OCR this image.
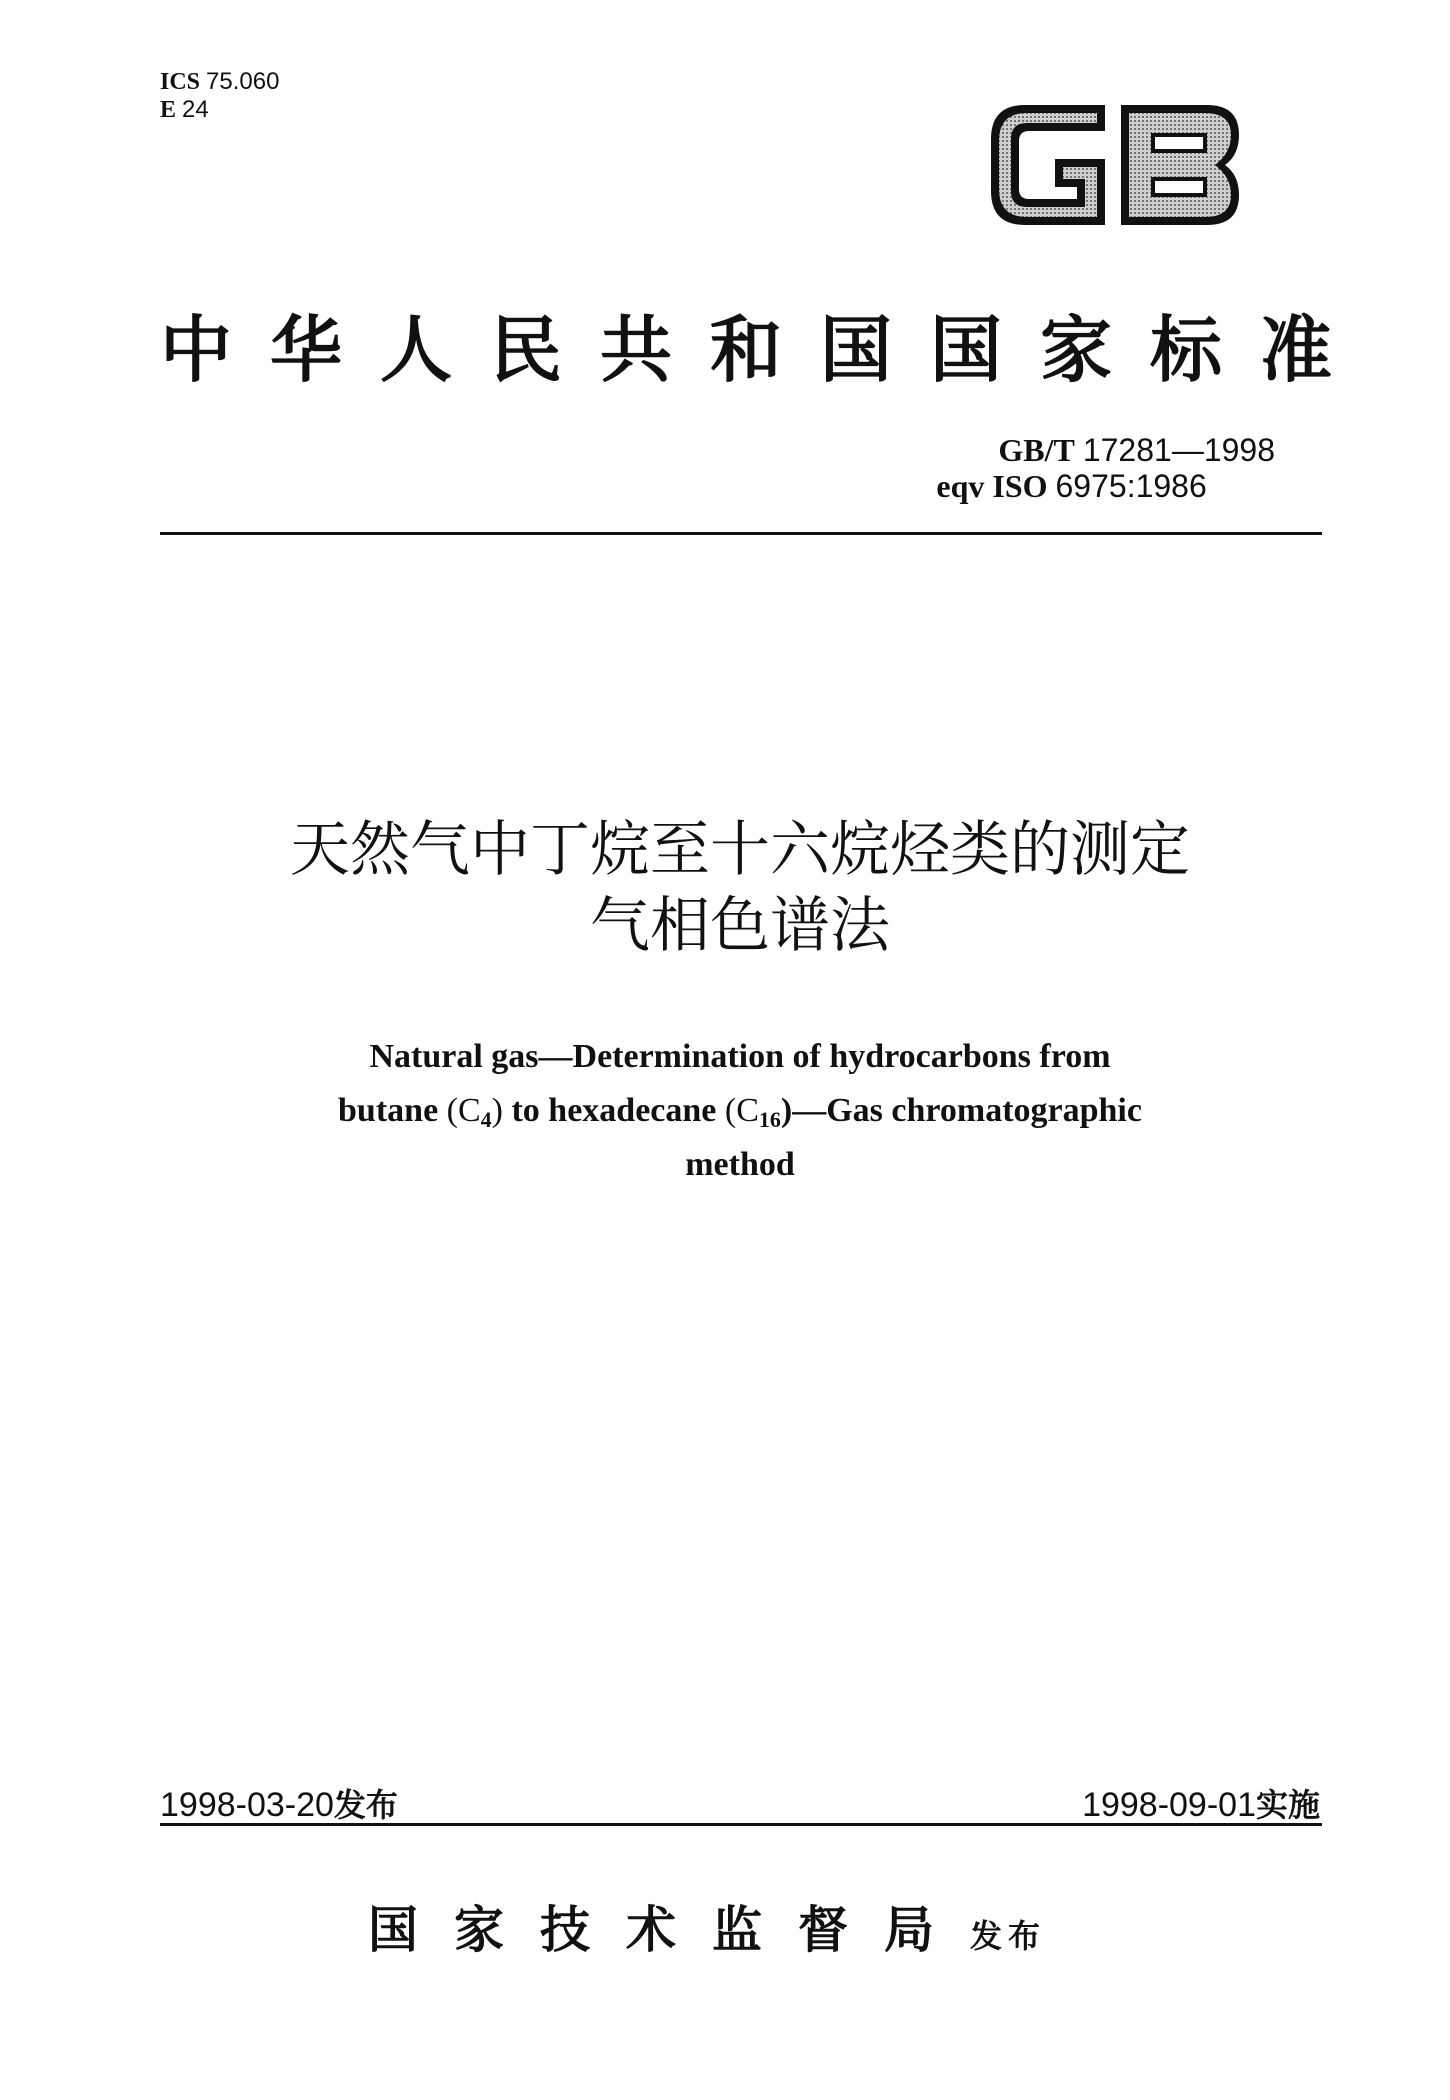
ICS 75.060
E 24
中华人民共和国国家标准
GB/T 17281—1998
eqv ISO 6975:1986
天然气中丁烷至十六烷烃类的测定
气相色谱法
Natural gas—Determination of hydrocarbons from
butane $(C_4)$ to hexadecane $(C_{16})—Gas$ chromatographic
method
1998-03-20发布	1998-09-01实施
国家技术监督局发布
